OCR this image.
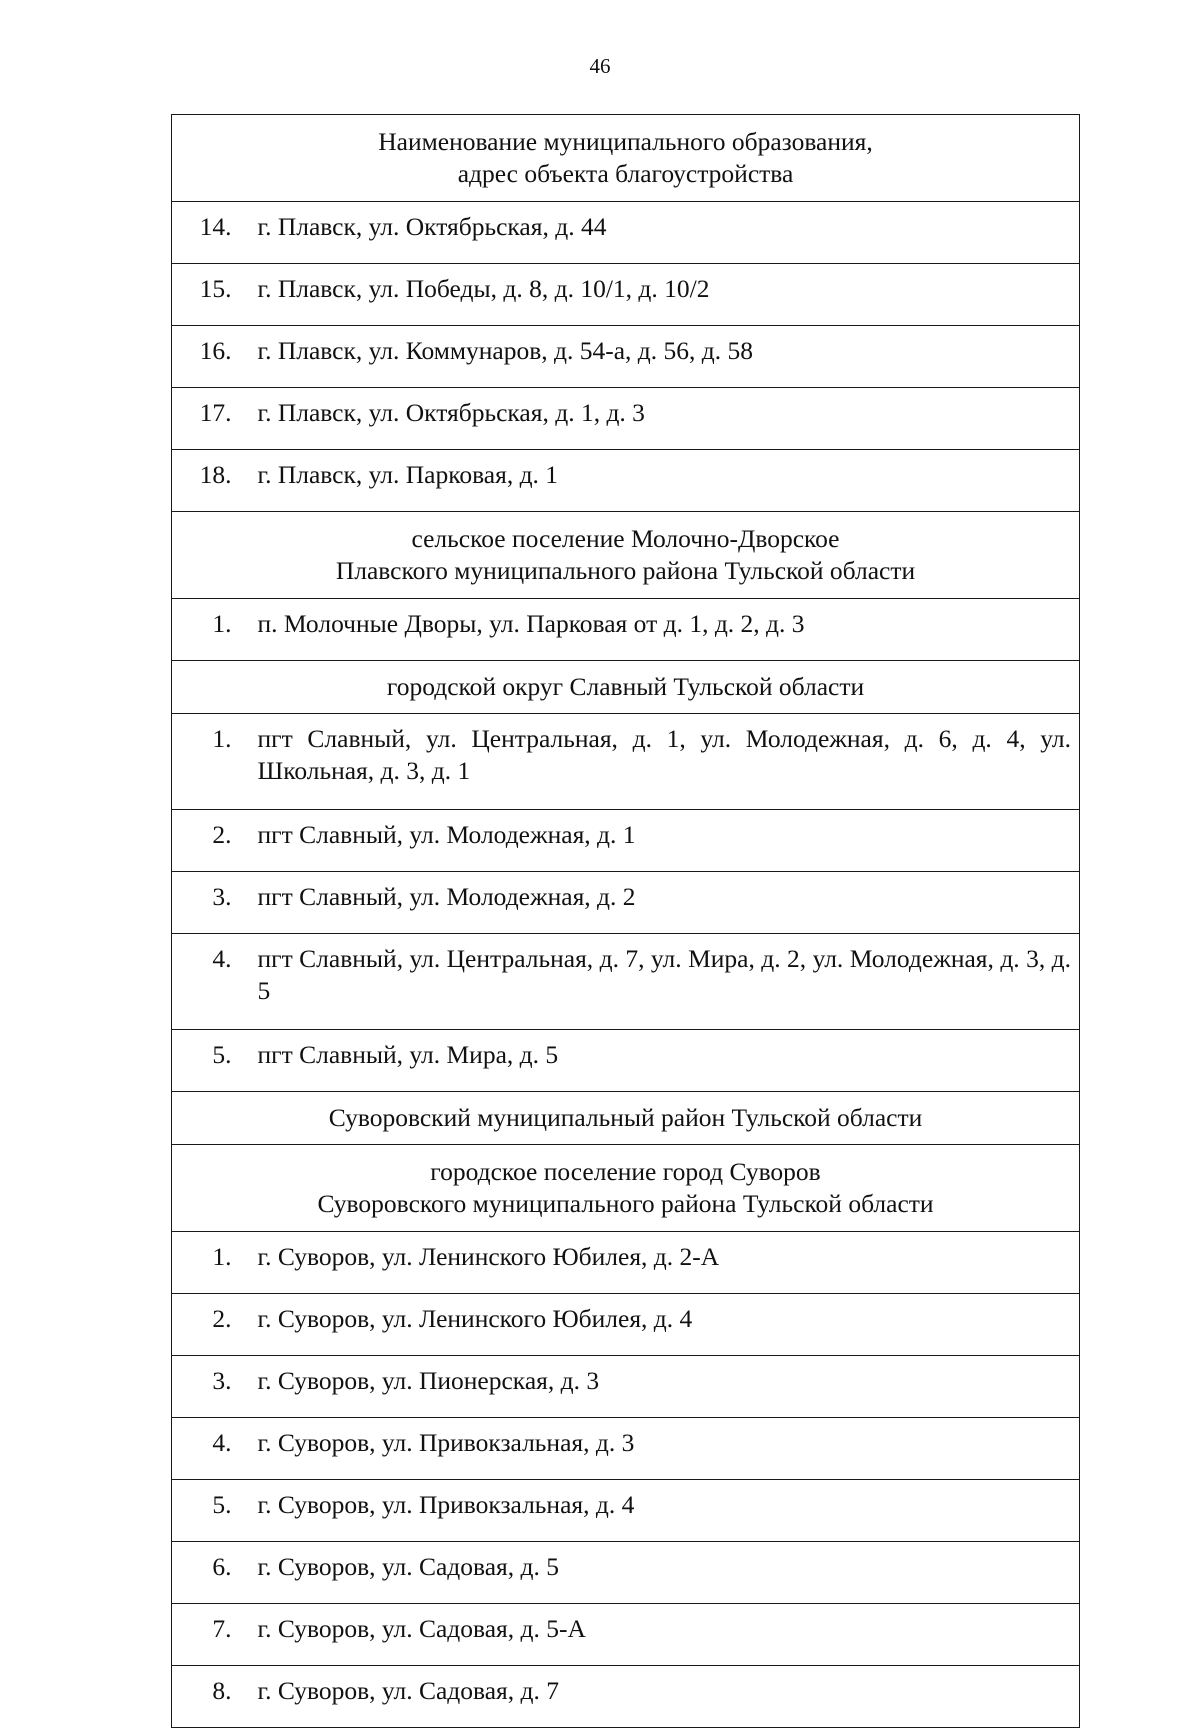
46
Наименование муниципального образования,
адрес объекта благоустройства	

14.	г. Плавск, ул. Октябрьская, д. 44
15.	г. Плавск, ул. Победы, д. 8, д. 10/1, д. 10/2
16.	г. Плавск, ул. Коммунаров, д. 54-а, д. 56, д. 58
17.	г. Плавск, ул. Октябрьская, д. 1, д. 3
18.	г. Плавск, ул. Парковая, д. 1

сельское поселение Молочно-Дворское
Плавского муниципального района Тульской области	

1.	п. Молочные Дворы, ул. Парковая от д. 1, д. 2, д. 3
городской округ Славный Тульской области	
1.	пгт Славный, ул. Центральная, д. 1, ул. Молодежная, д. 6, д. 4, ул. Школьная, д. 3, д. 1
2.	пгт Славный, ул. Молодежная, д. 1
3.	пгт Славный, ул. Молодежная, д. 2
4.	пгт Славный, ул. Центральная, д. 7, ул. Мира, д. 2, ул. Молодежная, д. 3, д. 5
5.	пгт Славный, ул. Мира, д. 5
Суворовский муниципальный район Тульской области	

городское поселение город Суворов
Суворовского муниципального района Тульской области	

1.	г. Суворов, ул. Ленинского Юбилея, д. 2-А
2.	г. Суворов, ул. Ленинского Юбилея, д. 4
3.	г. Суворов, ул. Пионерская, д. 3
4.	г. Суворов, ул. Привокзальная, д. 3
5.	г. Суворов, ул. Привокзальная, д. 4
6.	г. Суворов, ул. Садовая, д. 5
7.	г. Суворов, ул. Садовая, д. 5-А
8.	г. Суворов, ул. Садовая, д. 7
